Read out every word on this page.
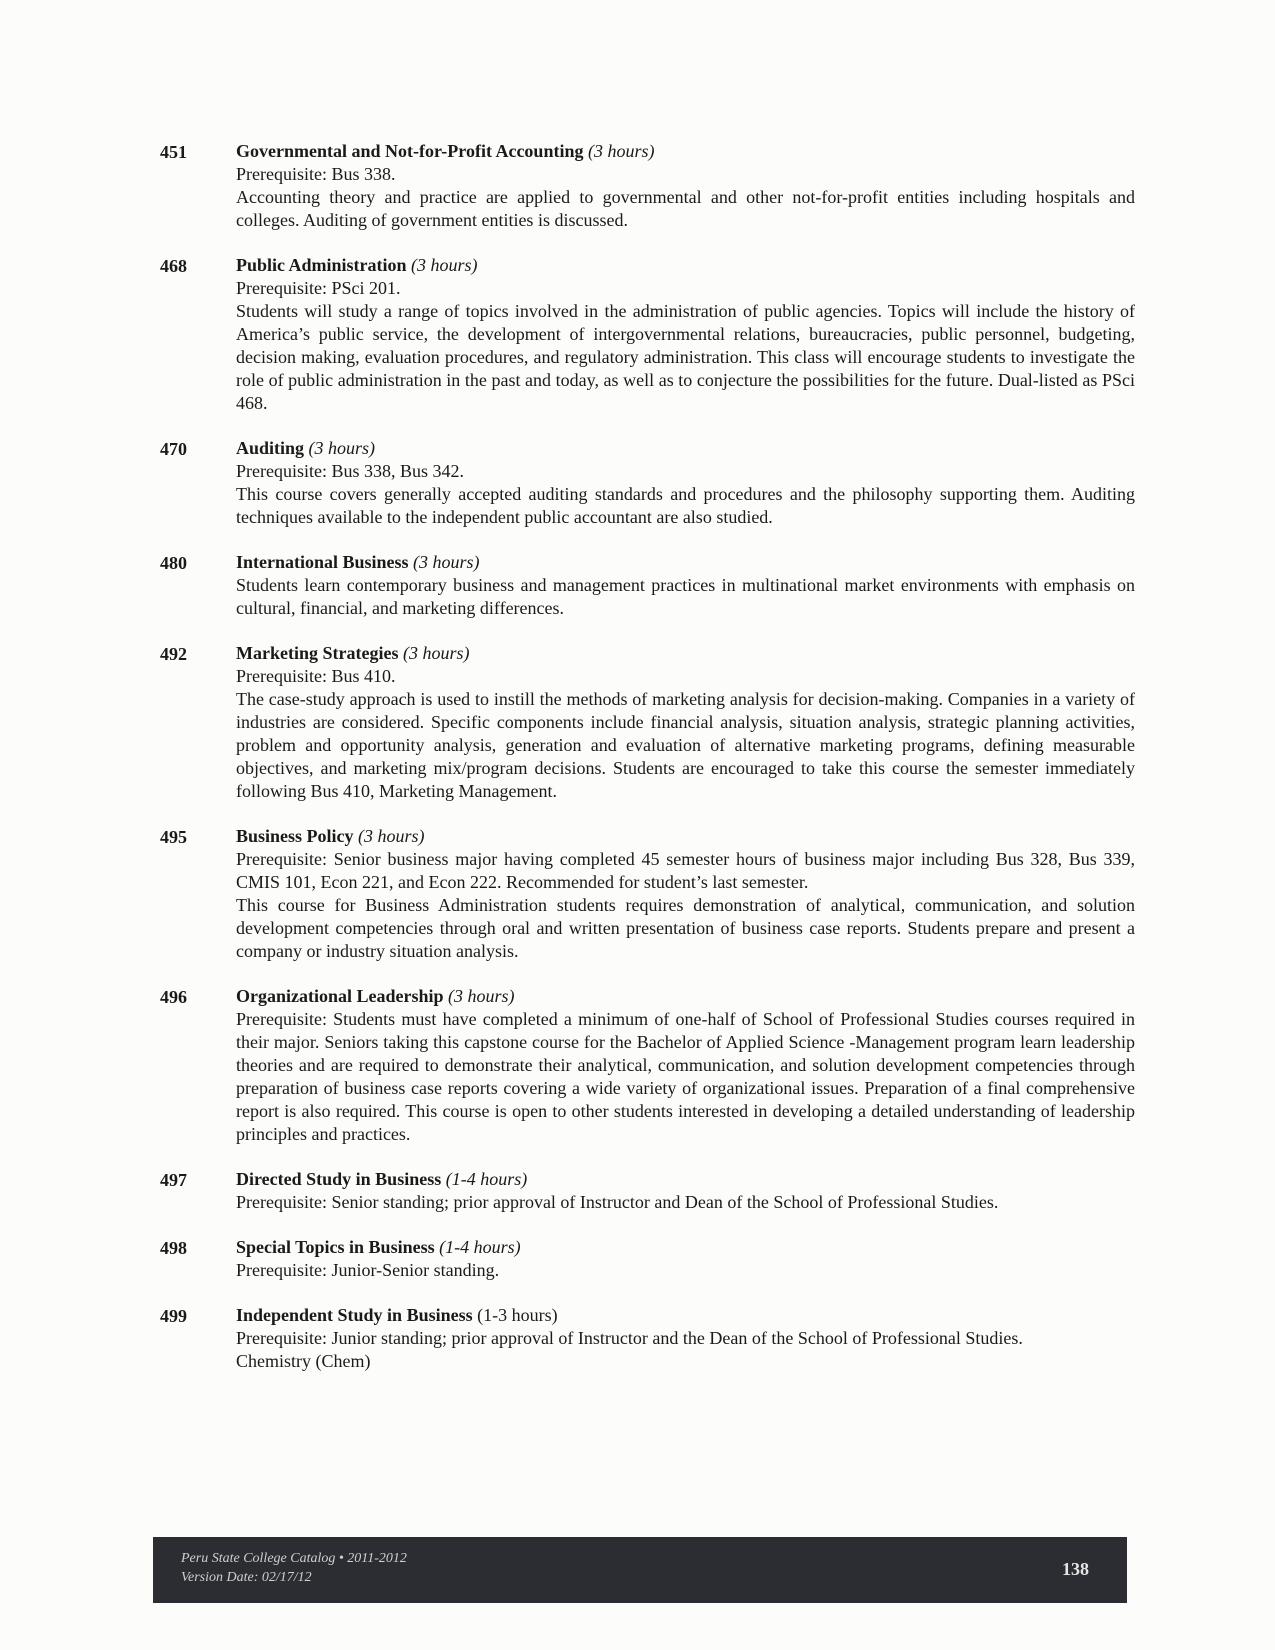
451	Governmental and Not-for-Profit Accounting (3 hours)

Prerequisite: Bus 338.

Accounting theory and practice are applied to governmental and other not-for-profit entities including hospitals and colleges. Auditing of government entities is discussed.

468	Public Administration (3 hours)

Prerequisite: PSci 201.

Students will study a range of topics involved in the administration of public agencies. Topics will include the history of America’s public service, the development of intergovernmental relations, bureaucracies, public personnel, budgeting, decision making, evaluation procedures, and regulatory administration. This class will encourage students to investigate the role of public administration in the past and today, as well as to conjecture the possibilities for the future. Dual-listed as PSci 468.

470	Auditing (3 hours)

Prerequisite: Bus 338, Bus 342.

This course covers generally accepted auditing standards and procedures and the philosophy supporting them. Auditing techniques available to the independent public accountant are also studied.

480	International Business (3 hours)

Students learn contemporary business and management practices in multinational market environments with emphasis on cultural, financial, and marketing differences.

492	Marketing Strategies (3 hours)

Prerequisite: Bus 410.

The case-study approach is used to instill the methods of marketing analysis for decision-making. Companies in a variety of industries are considered. Specific components include financial analysis, situation analysis, strategic planning activities, problem and opportunity analysis, generation and evaluation of alternative marketing programs, defining measurable objectives, and marketing mix/program decisions. Students are encouraged to take this course the semester immediately following Bus 410, Marketing Management.

495	Business Policy (3 hours)

Prerequisite: Senior business major having completed 45 semester hours of business major including Bus 328, Bus 339, CMIS 101, Econ 221, and Econ 222. Recommended for student’s last semester.

This course for Business Administration students requires demonstration of analytical, communication, and solution development competencies through oral and written presentation of business case reports. Students prepare and present a company or industry situation analysis.

496	Organizational Leadership (3 hours)

Prerequisite: Students must have completed a minimum of one-half of School of Professional Studies courses required in their major. Seniors taking this capstone course for the Bachelor of Applied Science -Management program learn leadership theories and are required to demonstrate their analytical, communication, and solution development competencies through preparation of business case reports covering a wide variety of organizational issues. Preparation of a final comprehensive report is also required. This course is open to other students interested in developing a detailed understanding of leadership principles and practices.

497	Directed Study in Business (1-4 hours)

Prerequisite: Senior standing; prior approval of Instructor and Dean of the School of Professional Studies.

498	Special Topics in Business (1-4 hours)

Prerequisite: Junior-Senior standing.

499	Independent Study in Business (1-3 hours)

Prerequisite: Junior standing; prior approval of Instructor and the Dean of the School of Professional Studies.

Chemistry (Chem)

Peru State College Catalog • 2011-2012
Version Date: 02/17/12	138
